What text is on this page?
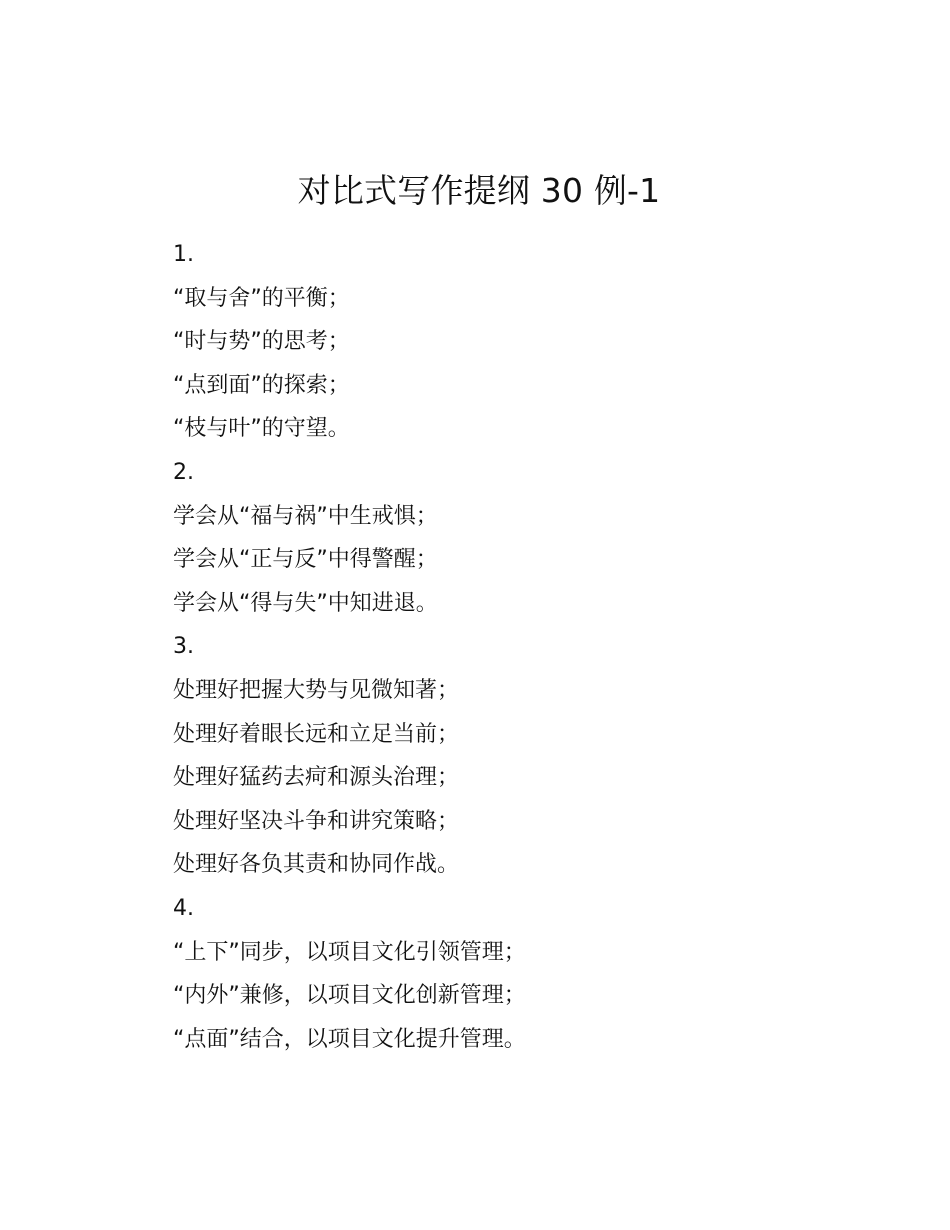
对比式写作提纲 30 例-1
1.
“取与舍”的平衡；
“时与势”的思考；
“点到面”的探索；
“枝与叶”的守望。
2.
学会从“福与祸”中生戒惧；
学会从“正与反”中得警醒；
学会从“得与失”中知进退。
3.
处理好把握大势与见微知著；
处理好着眼长远和立足当前；
处理好猛药去疴和源头治理；
处理好坚决斗争和讲究策略；
处理好各负其责和协同作战。
4.
“上下”同步，以项目文化引领管理；
“内外”兼修，以项目文化创新管理；
“点面”结合，以项目文化提升管理。
